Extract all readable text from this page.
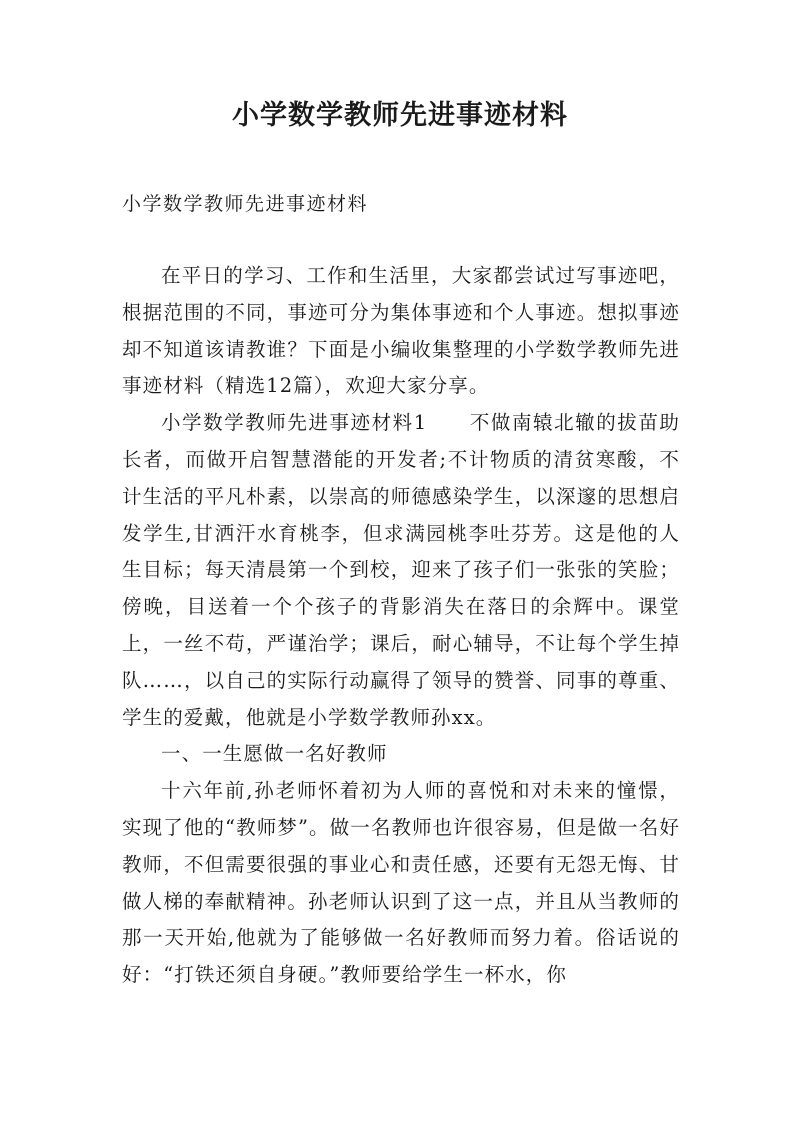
小学数学教师先进事迹材料

小学数学教师先进事迹材料

在平日的学习、工作和生活里，大家都尝试过写事迹吧，根据范围的不同，事迹可分为集体事迹和个人事迹。想拟事迹却不知道该请教谁？下面是小编收集整理的小学数学教师先进事迹材料（精选12篇），欢迎大家分享。

小学数学教师先进事迹材料1　　不做南辕北辙的拔苗助长者，而做开启智慧潜能的开发者;不计物质的清贫寒酸，不计生活的平凡朴素，以崇高的师德感染学生，以深邃的思想启发学生,甘洒汗水育桃李，但求满园桃李吐芬芳。这是他的人生目标；每天清晨第一个到校，迎来了孩子们一张张的笑脸；傍晚，目送着一个个孩子的背影消失在落日的余辉中。课堂上，一丝不苟，严谨治学；课后，耐心辅导，不让每个学生掉队……，以自己的实际行动赢得了领导的赞誉、同事的尊重、学生的爱戴，他就是小学数学教师孙xx。

一、一生愿做一名好教师

十六年前,孙老师怀着初为人师的喜悦和对未来的憧憬，实现了他的“教师梦”。做一名教师也许很容易，但是做一名好教师，不但需要很强的事业心和责任感，还要有无怨无悔、甘做人梯的奉献精神。孙老师认识到了这一点，并且从当教师的那一天开始,他就为了能够做一名好教师而努力着。俗话说的好：“打铁还须自身硬。”教师要给学生一杯水，你
